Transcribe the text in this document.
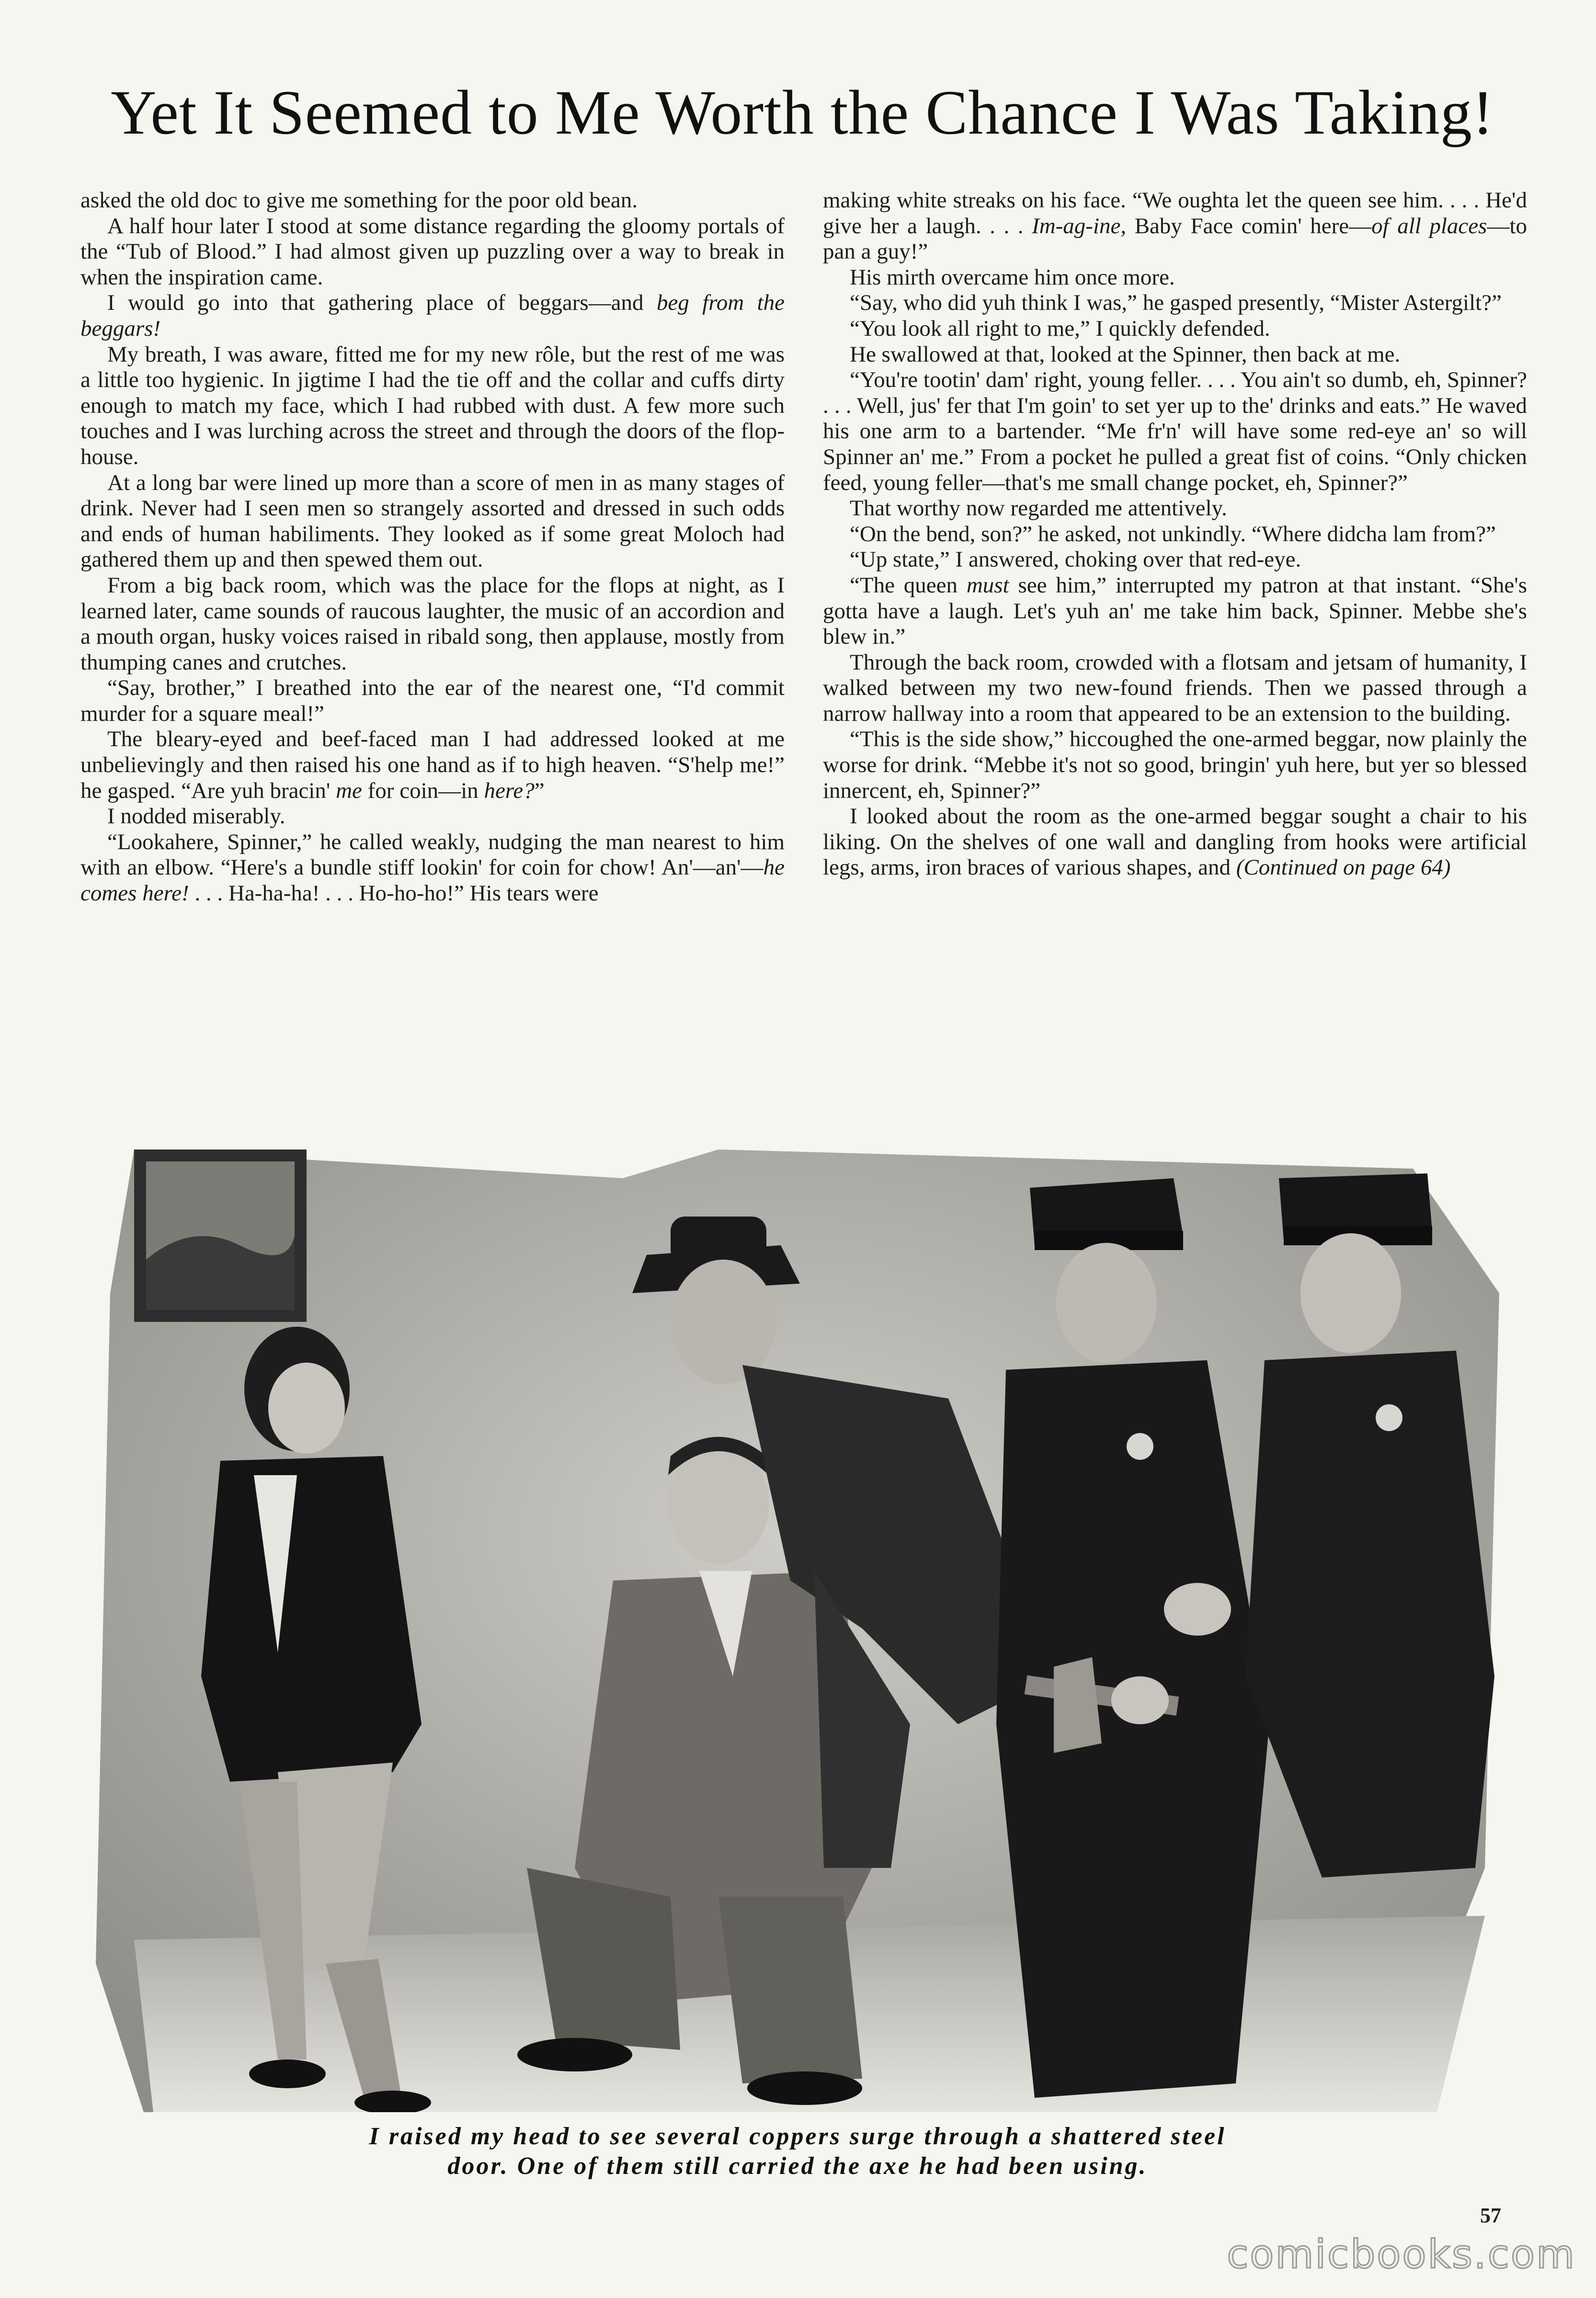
Yet It Seemed to Me Worth the Chance I Was Taking!

asked the old doc to give me something for the poor old bean.

A half hour later I stood at some distance regarding the gloomy portals of the “Tub of Blood.” I had almost given up puzzling over a way to break in when the inspiration came.

I would go into that gathering place of beggars—and beg from the beggars!

My breath, I was aware, fitted me for my new rôle, but the rest of me was a little too hygienic. In jigtime I had the tie off and the collar and cuffs dirty enough to match my face, which I had rubbed with dust. A few more such touches and I was lurching across the street and through the doors of the flop-house.

At a long bar were lined up more than a score of men in as many stages of drink. Never had I seen men so strangely assorted and dressed in such odds and ends of human habiliments. They looked as if some great Moloch had gathered them up and then spewed them out.

From a big back room, which was the place for the flops at night, as I learned later, came sounds of raucous laughter, the music of an accordion and a mouth organ, husky voices raised in ribald song, then applause, mostly from thumping canes and crutches.

“Say, brother,” I breathed into the ear of the nearest one, “I'd commit murder for a square meal!”

The bleary-eyed and beef-faced man I had addressed looked at me unbelievingly and then raised his one hand as if to high heaven. “S'help me!” he gasped. “Are yuh bracin' me for coin—in here?”

I nodded miserably.

“Lookahere, Spinner,” he called weakly, nudging the man nearest to him with an elbow. “Here's a bundle stiff lookin' for coin for chow! An'—an'—he comes here! . . . Ha-ha-ha! . . . Ho-ho-ho!” His tears were

making white streaks on his face. “We oughta let the queen see him. . . . He'd give her a laugh. . . . Im-ag-ine, Baby Face comin' here—of all places—to pan a guy!”

His mirth overcame him once more.

“Say, who did yuh think I was,” he gasped presently, “Mister Astergilt?”

“You look all right to me,” I quickly defended.

He swallowed at that, looked at the Spinner, then back at me.

“You're tootin' dam' right, young feller. . . . You ain't so dumb, eh, Spinner? . . . Well, jus' fer that I'm goin' to set yer up to the' drinks and eats.” He waved his one arm to a bartender. “Me fr'n' will have some red-eye an' so will Spinner an' me.” From a pocket he pulled a great fist of coins. “Only chicken feed, young feller—that's me small change pocket, eh, Spinner?”

That worthy now regarded me attentively.

“On the bend, son?” he asked, not unkindly. “Where didcha lam from?”

“Up state,” I answered, choking over that red-eye.

“The queen must see him,” interrupted my patron at that instant. “She's gotta have a laugh. Let's yuh an' me take him back, Spinner. Mebbe she's blew in.”

Through the back room, crowded with a flotsam and jetsam of humanity, I walked between my two new-found friends. Then we passed through a narrow hallway into a room that appeared to be an extension to the building.

“This is the side show,” hiccoughed the one-armed beggar, now plainly the worse for drink. “Mebbe it's not so good, bringin' yuh here, but yer so blessed innercent, eh, Spinner?”

I looked about the room as the one-armed beggar sought a chair to his liking. On the shelves of one wall and dangling from hooks were artificial legs, arms, iron braces of various shapes, and (Continued on page 64)

I raised my head to see several coppers surge through a shattered steel
door. One of them still carried the axe he had been using.
57
comicbooks.com
